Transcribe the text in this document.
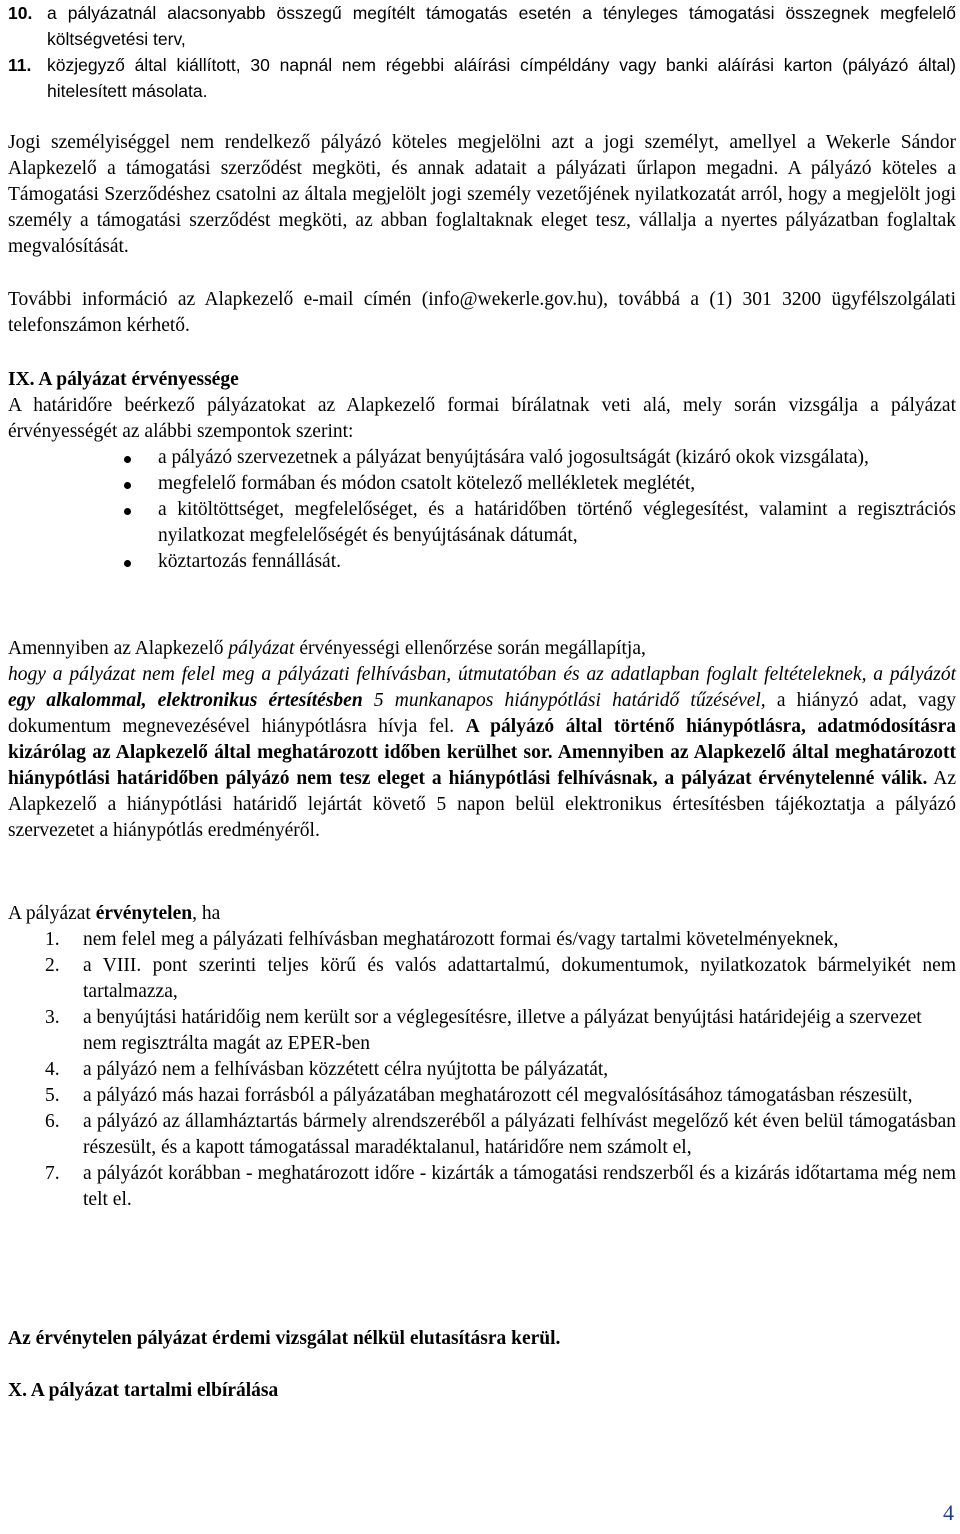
10. a pályázatnál alacsonyabb összegű megítélt támogatás esetén a tényleges támogatási összegnek megfelelő költségvetési terv,
11. közjegyző által kiállított, 30 napnál nem régebbi aláírási címpéldány vagy banki aláírási karton (pályázó által) hitelesített másolata.

Jogi személyiséggel nem rendelkező pályázó köteles megjelölni azt a jogi személyt, amellyel a Wekerle Sándor Alapkezelő a támogatási szerződést megköti, és annak adatait a pályázati űrlapon megadni. A pályázó köteles a Támogatási Szerződéshez csatolni az általa megjelölt jogi személy vezetőjének nyilatkozatát arról, hogy a megjelölt jogi személy a támogatási szerződést megköti, az abban foglaltaknak eleget tesz, vállalja a nyertes pályázatban foglaltak megvalósítását.

További információ az Alapkezelő e-mail címén (info@wekerle.gov.hu), továbbá a (1) 301 3200 ügyfélszolgálati telefonszámon kérhető.

IX. A pályázat érvényessége

A határidőre beérkező pályázatokat az Alapkezelő formai bírálatnak veti alá, mely során vizsgálja a pályázat érvényességét az alábbi szempontok szerint:

a pályázó szervezetnek a pályázat benyújtására való jogosultságát (kizáró okok vizsgálata),
megfelelő formában és módon csatolt kötelező mellékletek meglétét,
a kitöltöttséget, megfelelőséget, és a határidőben történő véglegesítést, valamint a regisztrációs nyilatkozat megfelelőségét és benyújtásának dátumát,
köztartozás fennállását.
Amennyiben az Alapkezelő pályázat érvényességi ellenőrzése során megállapítja,

hogy a pályázat nem felel meg a pályázati felhívásban, útmutatóban és az adatlapban foglalt feltételeknek, a pályázót egy alkalommal, elektronikus értesítésben 5 munkanapos hiánypótlási határidő tűzésével, a hiányzó adat, vagy dokumentum megnevezésével hiánypótlásra hívja fel. A pályázó által történő hiánypótlásra, adatmódosításra kizárólag az Alapkezelő által meghatározott időben kerülhet sor. Amennyiben az Alapkezelő által meghatározott hiánypótlási határidőben pályázó nem tesz eleget a hiánypótlási felhívásnak, a pályázat érvénytelenné válik. Az Alapkezelő a hiánypótlási határidő lejártát követő 5 napon belül elektronikus értesítésben tájékoztatja a pályázó szervezetet a hiánypótlás eredményéről.

A pályázat érvénytelen, ha
1. nem felel meg a pályázati felhívásban meghatározott formai és/vagy tartalmi követelményeknek,
2. a VIII. pont szerinti teljes körű és valós adattartalmú, dokumentumok, nyilatkozatok bármelyikét nem tartalmazza,
3. a benyújtási határidőig nem került sor a véglegesítésre, illetve a pályázat benyújtási határidejéig a szervezet nem regisztrálta magát az EPER-ben
4. a pályázó nem a felhívásban közzétett célra nyújtotta be pályázatát,
5. a pályázó más hazai forrásból a pályázatában meghatározott cél megvalósításához támogatásban részesült,
6. a pályázó az államháztartás bármely alrendszeréből a pályázati felhívást megelőző két éven belül támogatásban részesült, és a kapott támogatással maradéktalanul, határidőre nem számolt el,
7. a pályázót korábban - meghatározott időre - kizárták a támogatási rendszerből és a kizárás időtartama még nem telt el.
Az érvénytelen pályázat érdemi vizsgálat nélkül elutasításra kerül.
X. A pályázat tartalmi elbírálása
4
